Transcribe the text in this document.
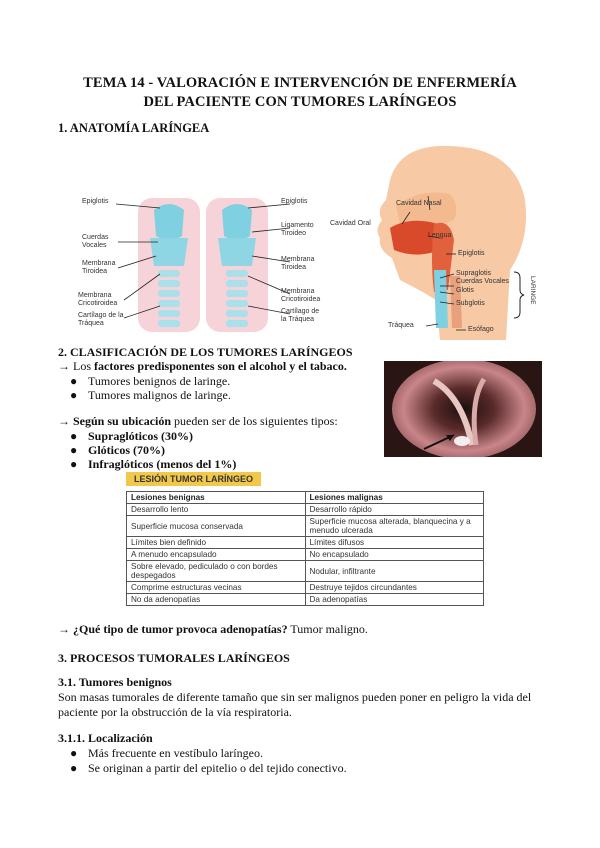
TEMA 14 - VALORACIÓN E INTERVENCIÓN DE ENFERMERÍA
DEL PACIENTE CON TUMORES LARÍNGEOS
1. ANATOMÍA LARÍNGEA
Epiglotis
Cuerdas Vocales
Membrana Tiroidea
Membrana Cricotiroidea
Cartílago de la Tráquea
Epiglotis
Ligamento Tiroideo
Membrana Tiroidea
Membrana Cricotiroidea
Cartílago de la Tráquea
Cavidad Nasal
Cavidad Oral
Lengua
Epiglotis
Supraglotis
Cuerdas Vocales
Glotis
Subglotis
Tráquea
Esófago
LARINGE
2. CLASIFICACIÓN DE LOS TUMORES LARÍNGEOS
→ Los factores predisponentes son el alcohol y el tabaco.
● Tumores benignos de laringe.
● Tumores malignos de laringe.
→ Según su ubicación pueden ser de los siguientes tipos:
● Supraglóticos (30%)
● Glóticos (70%)
● Infraglóticos (menos del 1%)
LESIÓN TUMOR LARÍNGEO
Lesiones benignas	Lesiones malignas
Desarrollo lento	Desarrollo rápido
Superficie mucosa conservada	Superficie mucosa alterada, blanquecina y a menudo ulcerada
Límites bien definido	Límites difusos
A menudo encapsulado	No encapsulado
Sobre elevado, pediculado o con bordes despegados	Nodular, infiltrante
Comprime estructuras vecinas	Destruye tejidos circundantes
No da adenopatías	Da adenopatías
→ ¿Qué tipo de tumor provoca adenopatías? Tumor maligno.
3. PROCESOS TUMORALES LARÍNGEOS
3.1. Tumores benignos
Son masas tumorales de diferente tamaño que sin ser malignos pueden poner en peligro la vida del paciente por la obstrucción de la vía respiratoria.
3.1.1. Localización
● Más frecuente en vestíbulo laríngeo.
● Se originan a partir del epitelio o del tejido conectivo.
